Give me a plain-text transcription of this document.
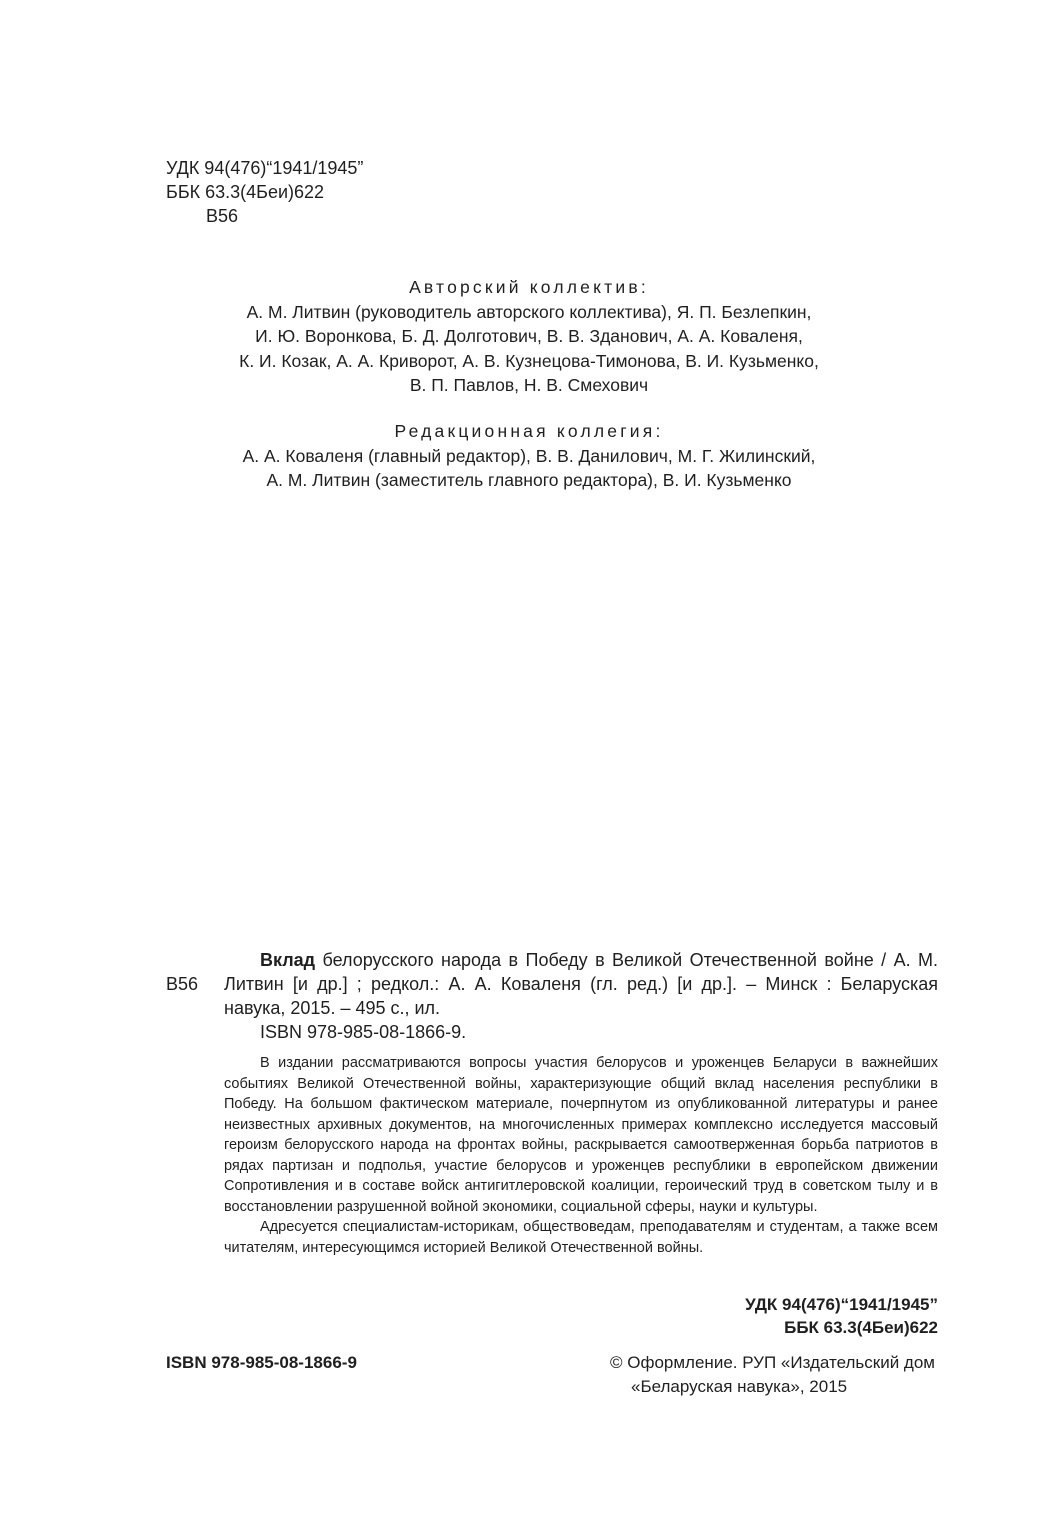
УДК 94(476)“1941/1945”
ББК 63.3(4Беи)622
В56
Авторский коллектив:
А. М. Литвин (руководитель авторского коллектива), Я. П. Безлепкин,
И. Ю. Воронкова, Б. Д. Долготович, В. В. Зданович, А. А. Коваленя,
К. И. Козак, А. А. Криворот, А. В. Кузнецова-Тимонова, В. И. Кузьменко,
В. П. Павлов, Н. В. Смехович
Редакционная коллегия:
А. А. Коваленя (главный редактор), В. В. Данилович, М. Г. Жилинский,
А. М. Литвин (заместитель главного редактора), В. И. Кузьменко
В56
Вклад белорусского народа в Победу в Великой Отечественной войне / А. М. Литвин [и др.] ; редкол.: А. А. Коваленя (гл. ред.) [и др.]. – Минск : Беларуская навука, 2015. – 495 с., ил.
ISBN 978-985-08-1866-9.

В издании рассматриваются вопросы участия белорусов и уроженцев Беларуси в важнейших событиях Великой Отечественной войны, характеризующие общий вклад населения республики в Победу. На большом фактическом материале, почерпнутом из опубликованной литературы и ранее неизвестных архивных документов, на многочисленных примерах комплексно исследуется массовый героизм белорусского народа на фронтах войны, раскрывается самоотверженная борьба патриотов в рядах партизан и подполья, участие белорусов и уроженцев республики в европейском движении Сопротивления и в составе войск антигитлеровской коалиции, героический труд в советском тылу и в восстановлении разрушенной войной экономики, социальной сферы, науки и культуры.

Адресуется специалистам-историкам, обществоведам, преподавателям и студентам, а также всем читателям, интересующимся историей Великой Отечественной войны.

УДК 94(476)“1941/1945”
ББК 63.3(4Беи)622
ISBN 978-985-08-1866-9	© Оформление. РУП «Издательский дом
«Беларуская навука», 2015
